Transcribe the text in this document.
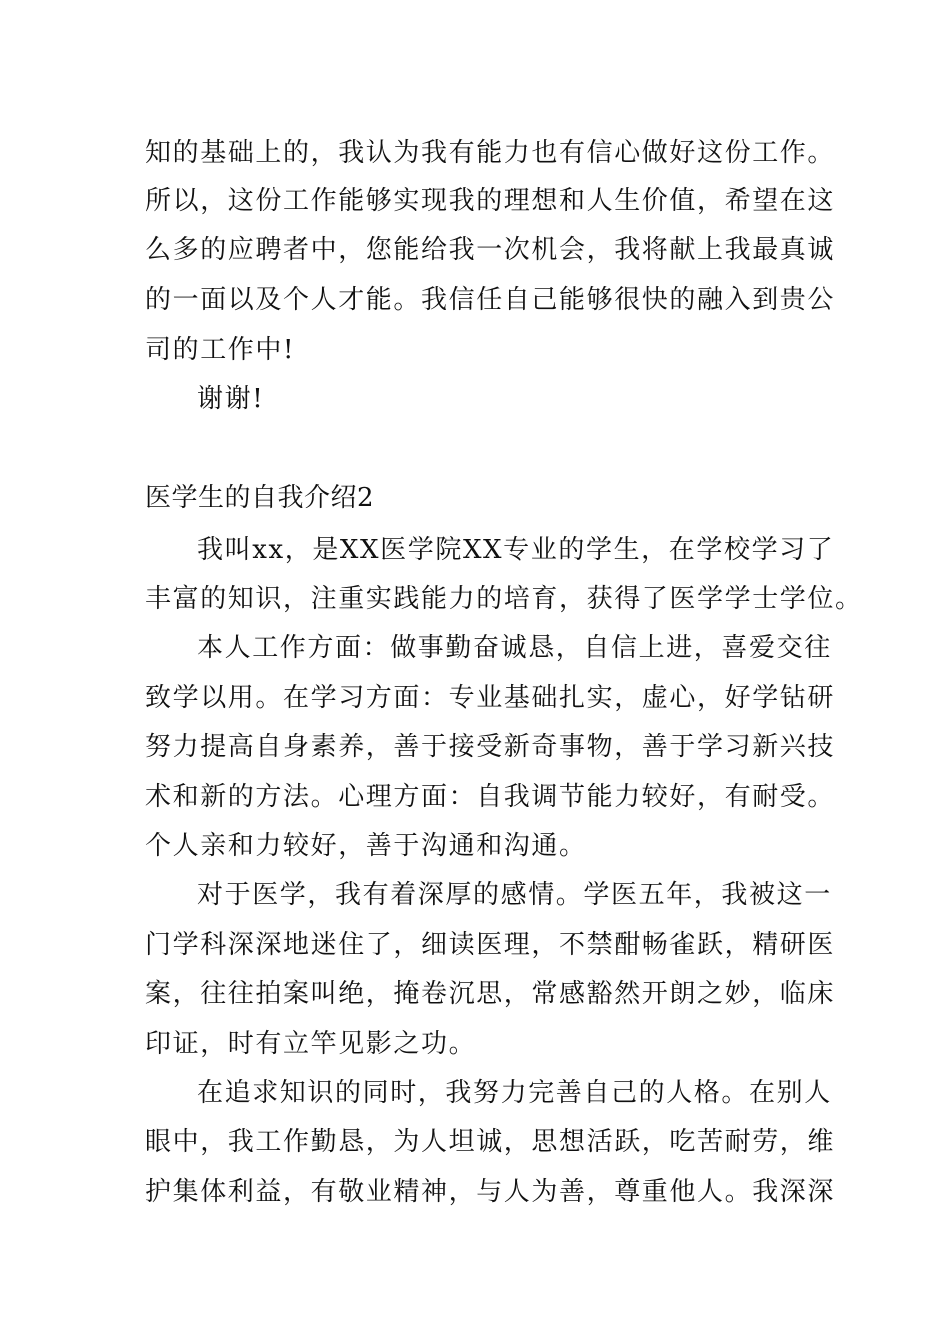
知的基础上的，我认为我有能力也有信心做好这份工作。

所以，这份工作能够实现我的理想和人生价值，希望在这

么多的应聘者中，您能给我一次机会，我将献上我最真诚

的一面以及个人才能。我信任自己能够很快的融入到贵公

司的工作中!

谢谢!

医学生的自我介绍2

我叫xx，是XX医学院XX专业的学生，在学校学习了

丰富的知识，注重实践能力的培育，获得了医学学士学位。

本人工作方面：做事勤奋诚恳，自信上进，喜爱交往

致学以用。在学习方面：专业基础扎实，虚心，好学钻研

努力提高自身素养，善于接受新奇事物，善于学习新兴技

术和新的方法。心理方面：自我调节能力较好，有耐受。

个人亲和力较好，善于沟通和沟通。

对于医学，我有着深厚的感情。学医五年，我被这一

门学科深深地迷住了，细读医理，不禁酣畅雀跃，精研医

案，往往拍案叫绝，掩卷沉思，常感豁然开朗之妙，临床

印证，时有立竿见影之功。

在追求知识的同时，我努力完善自己的人格。在别人

眼中，我工作勤恳，为人坦诚，思想活跃，吃苦耐劳，维

护集体利益，有敬业精神，与人为善，尊重他人。我深深
